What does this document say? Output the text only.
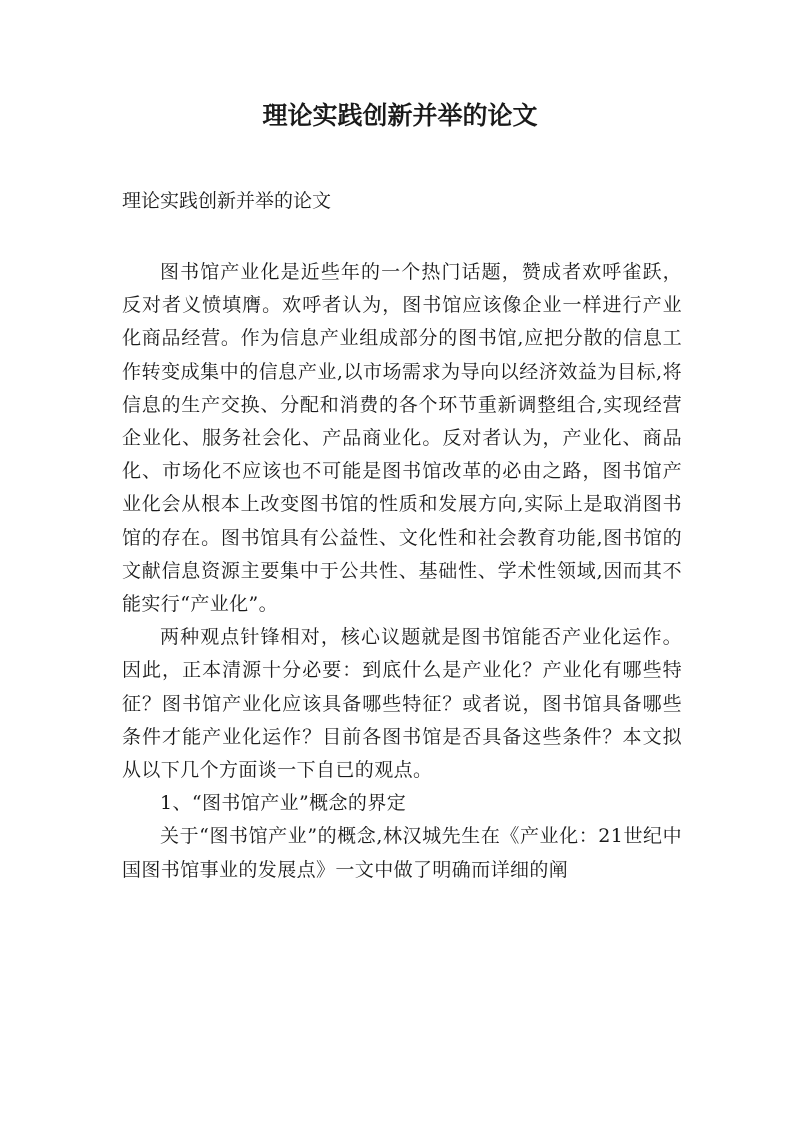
理论实践创新并举的论文
理论实践创新并举的论文

图书馆产业化是近些年的一个热门话题，赞成者欢呼雀跃，反对者义愤填膺。欢呼者认为，图书馆应该像企业一样进行产业化商品经营。作为信息产业组成部分的图书馆,应把分散的信息工作转变成集中的信息产业,以市场需求为导向以经济效益为目标,将信息的生产交换、分配和消费的各个环节重新调整组合,实现经营企业化、服务社会化、产品商业化。反对者认为，产业化、商品化、市场化不应该也不可能是图书馆改革的必由之路，图书馆产业化会从根本上改变图书馆的性质和发展方向,实际上是取消图书馆的存在。图书馆具有公益性、文化性和社会教育功能,图书馆的文献信息资源主要集中于公共性、基础性、学术性领域,因而其不能实行“产业化”。

两种观点针锋相对，核心议题就是图书馆能否产业化运作。因此，正本清源十分必要：到底什么是产业化？产业化有哪些特征？图书馆产业化应该具备哪些特征？或者说，图书馆具备哪些条件才能产业化运作？目前各图书馆是否具备这些条件？本文拟从以下几个方面谈一下自已的观点。

1、“图书馆产业”概念的界定

关于“图书馆产业”的概念,林汉城先生在《产业化：21世纪中国图书馆事业的发展点》一文中做了明确而详细的阐
